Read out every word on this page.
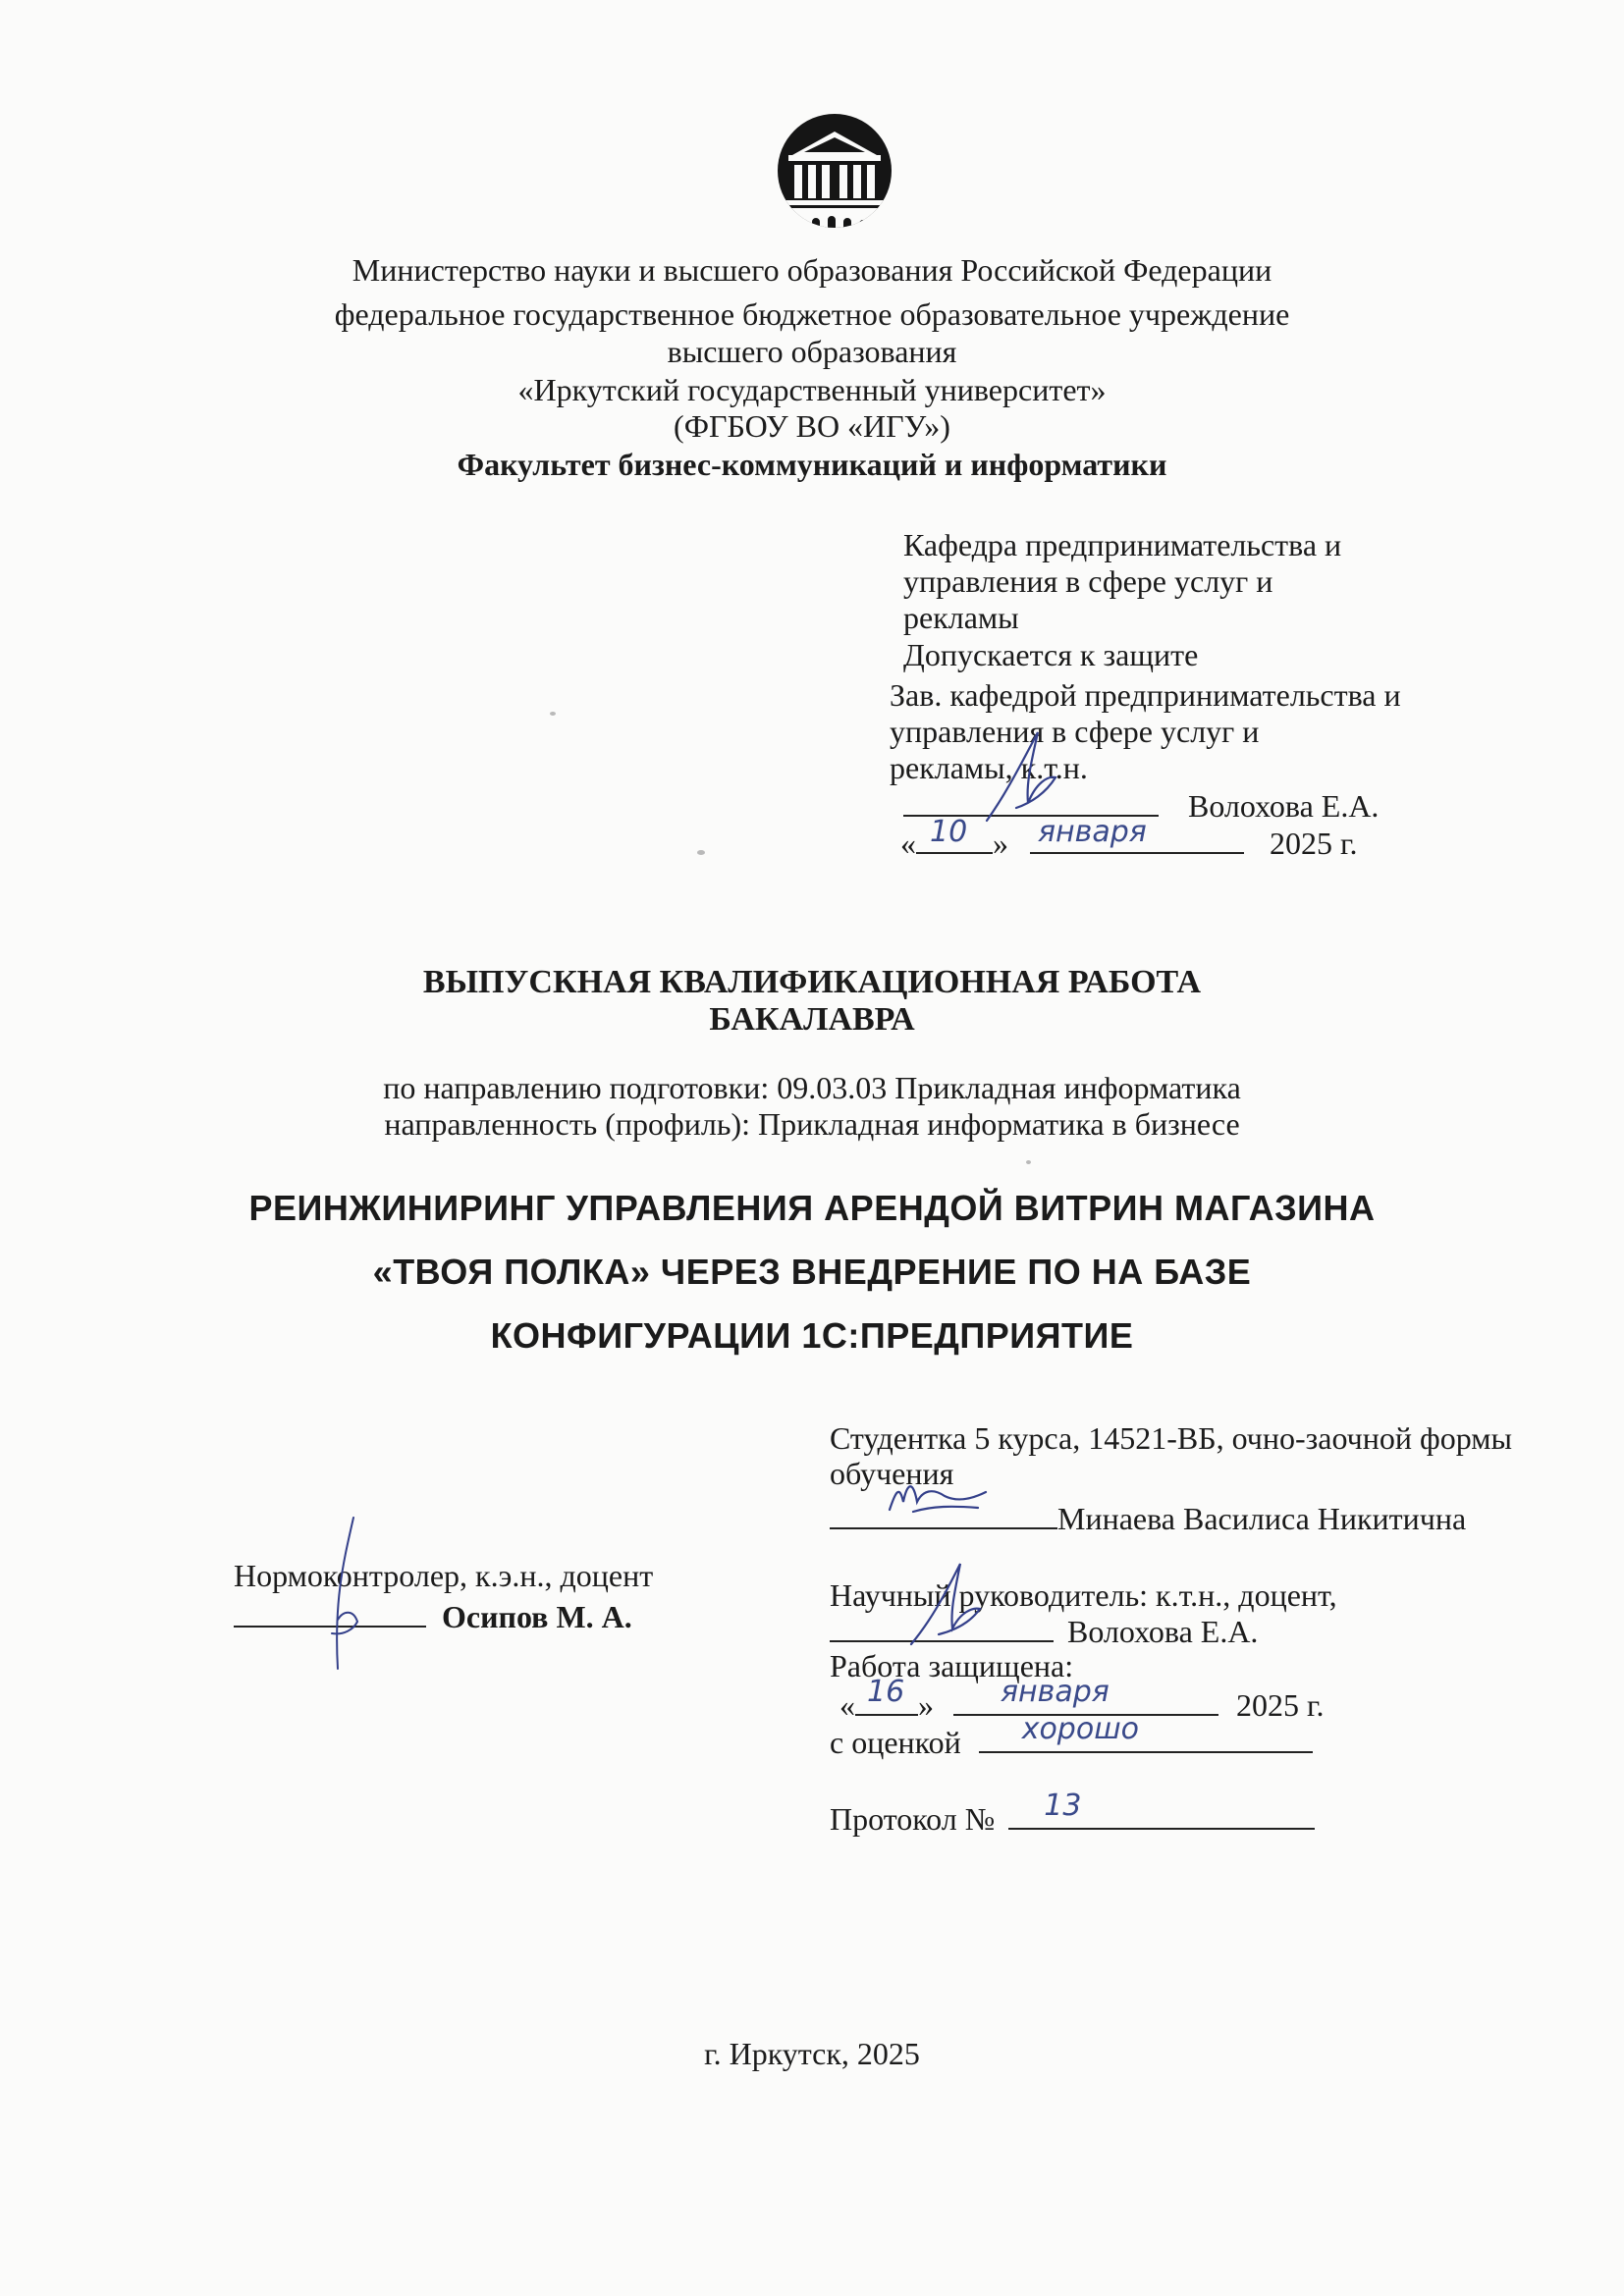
Министерство науки и высшего образования Российской Федерации
федеральное государственное бюджетное образовательное учреждение
высшего образования
«Иркутский государственный университет»
(ФГБОУ ВО «ИГУ»)
Факультет бизнес-коммуникаций и информатики
Кафедра предпринимательства и
управления в сфере услуг и
рекламы
Допускается к защите
Зав. кафедрой предпринимательства и
управления в сфере услуг и
рекламы, к.т.н.
Волохова Е.А.
« 10 » января	2025 г.
ВЫПУСКНАЯ КВАЛИФИКАЦИОННАЯ РАБОТА
БАКАЛАВРА
по направлению подготовки: 09.03.03 Прикладная информатика
направленность (профиль): Прикладная информатика в бизнесе
РЕИНЖИНИРИНГ УПРАВЛЕНИЯ АРЕНДОЙ ВИТРИН МАГАЗИНА
«ТВОЯ ПОЛКА» ЧЕРЕЗ ВНЕДРЕНИЕ ПО НА БАЗЕ
КОНФИГУРАЦИИ 1С:ПРЕДПРИЯТИЕ
Студентка 5 курса, 14521-ВБ, очно-заочной формы
обучения
Минаева Василиса Никитична
Нормоконтролер, к.э.н., доцент
Осипов М. А.
Научный руководитель: к.т.н., доцент,
Волохова Е.А.
Работа защищена:
« 16 » января	2025 г.
с оценкой хорошо
Протокол № 13
г. Иркутск, 2025
